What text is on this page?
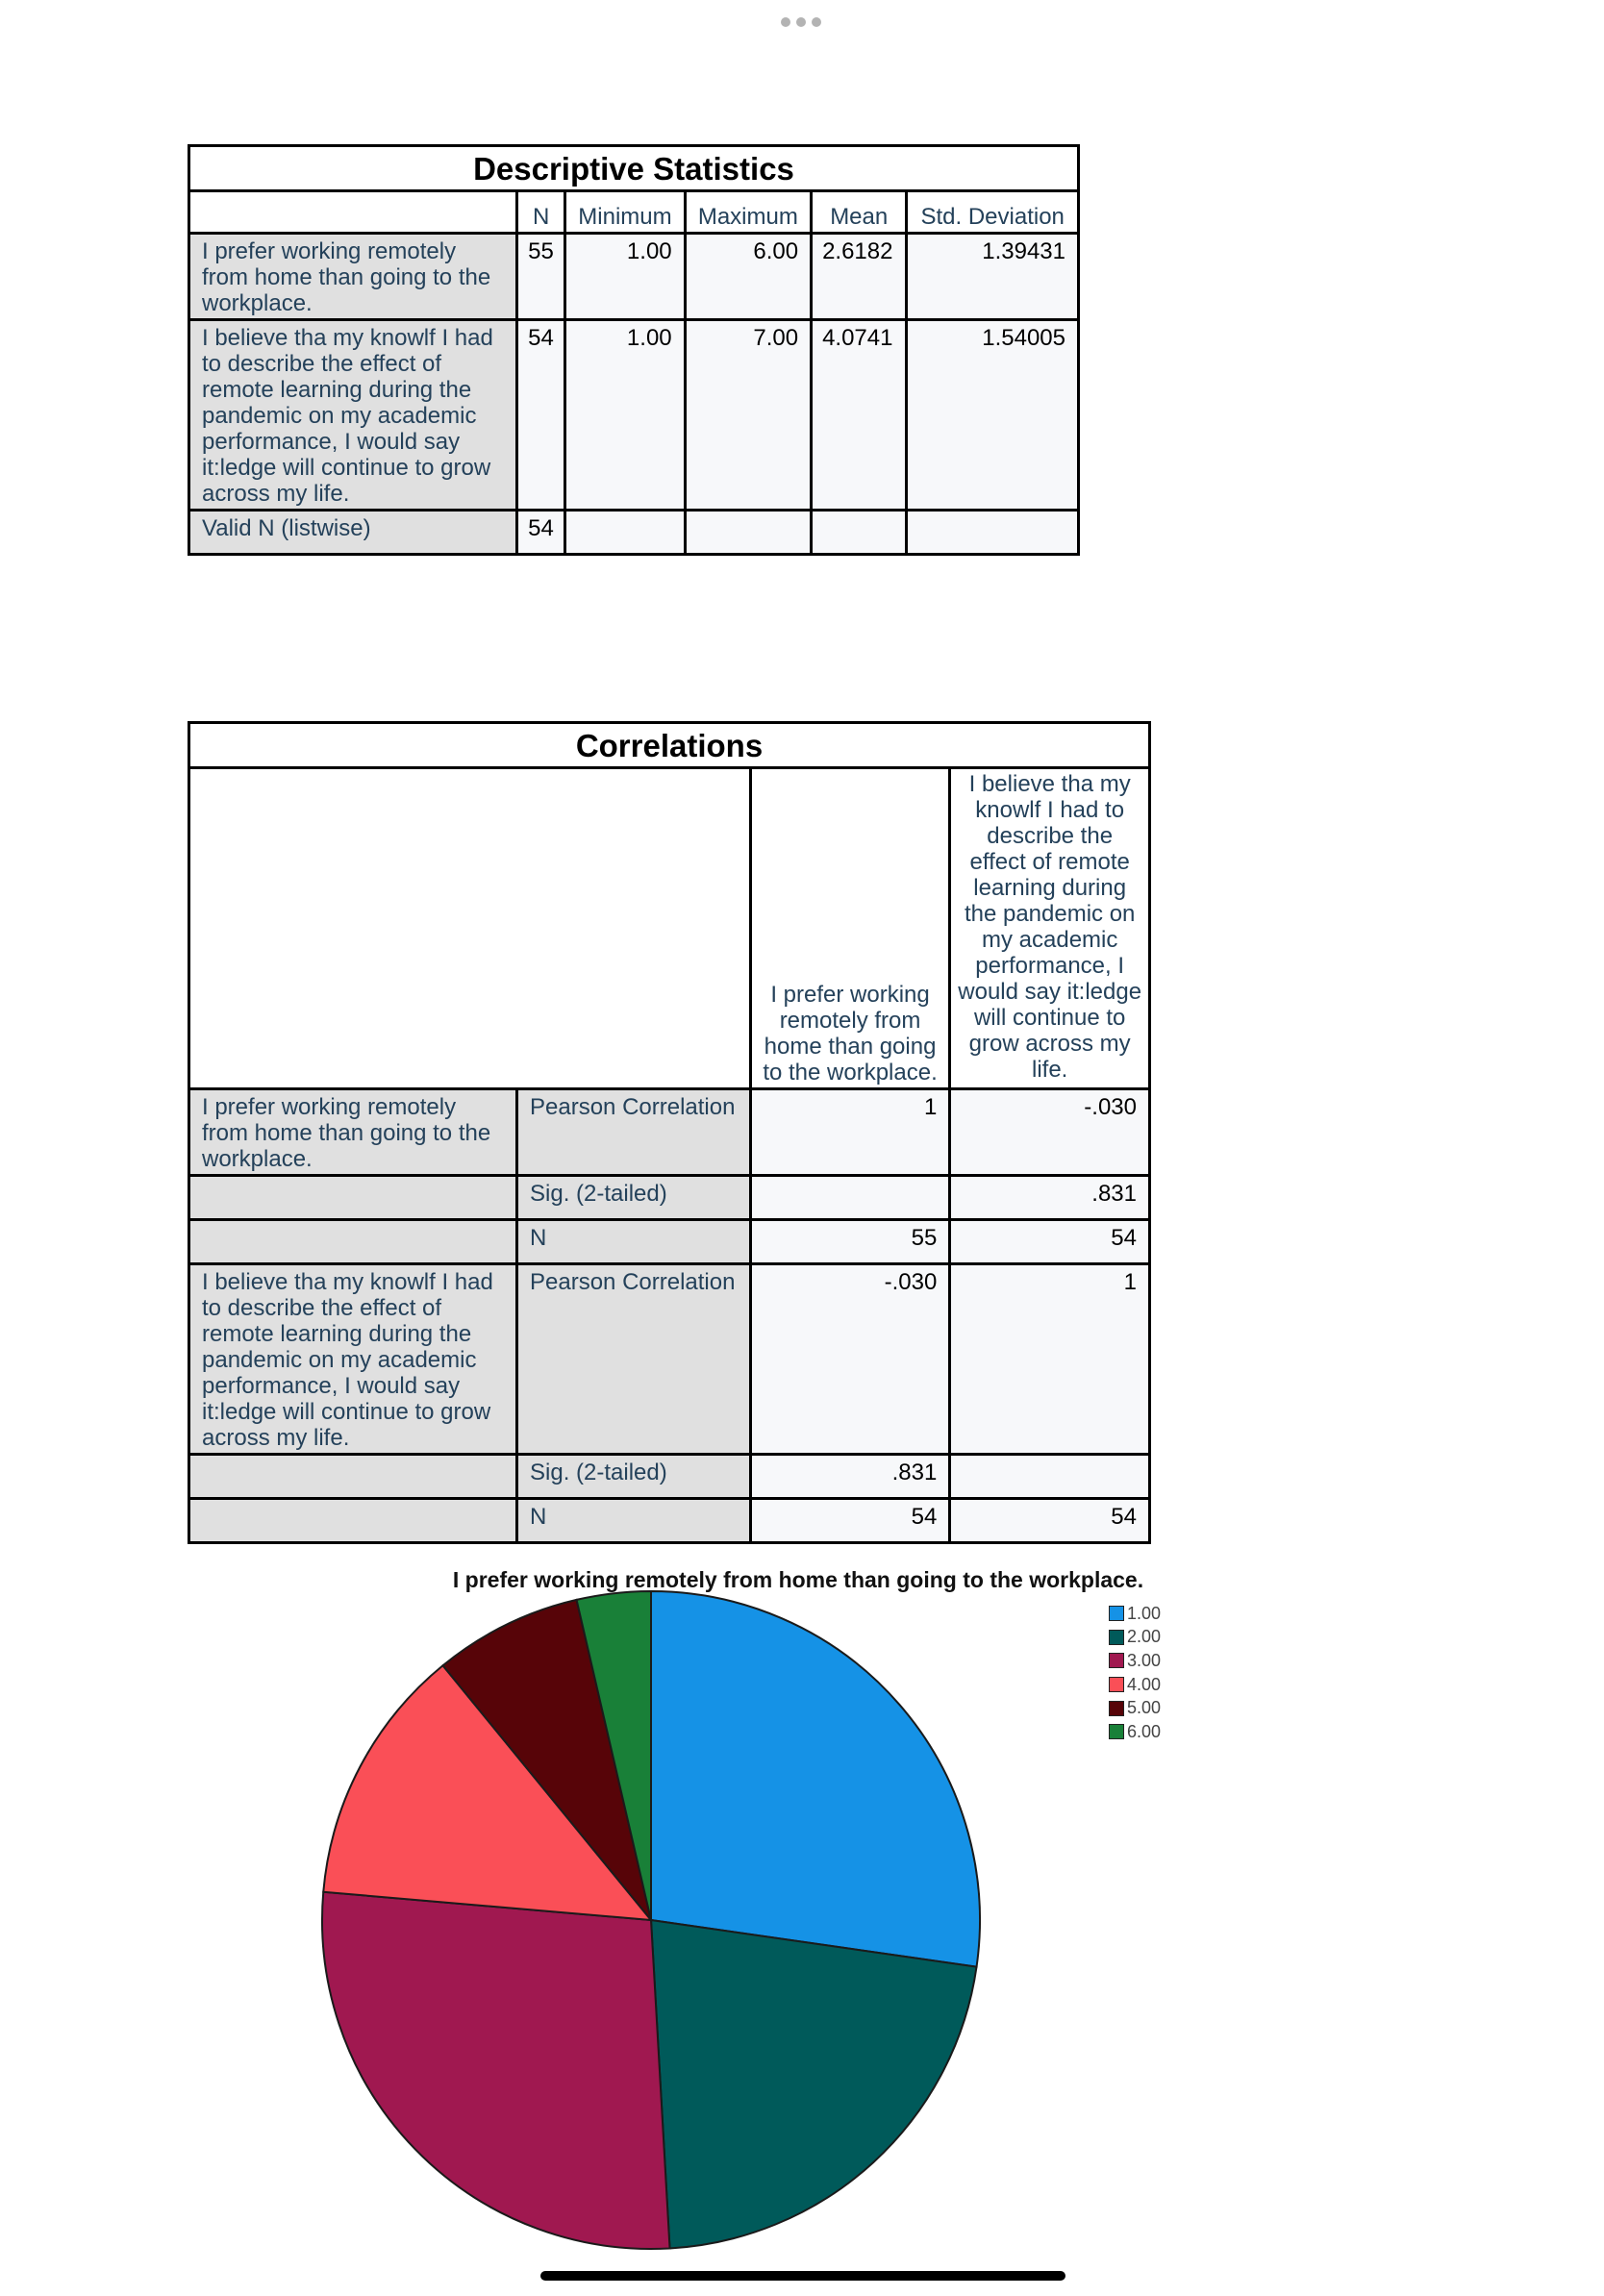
Descriptive Statistics
	N	Minimum	Maximum	Mean	Std. Deviation
I prefer working remotely from home than going to the workplace.	55	1.00	6.00	2.6182	1.39431
I believe tha my knowlf I had to describe the effect of remote learning during the pandemic on my academic performance, I would say it:ledge will continue to grow across my life.	54	1.00	7.00	4.0741	1.54005
Valid N (listwise)	54				
Correlations
		I prefer working remotely from home than going to the workplace.	I believe tha my knowlf I had to describe the effect of remote learning during the pandemic on my academic performance, I would say it:ledge will continue to grow across my life.
I prefer working remotely from home than going to the workplace.	Pearson Correlation	1	-.030
	Sig. (2-tailed)		.831
	N	55	54
I believe tha my knowlf I had to describe the effect of remote learning during the pandemic on my academic performance, I would say it:ledge will continue to grow across my life.	Pearson Correlation	-.030	1
	Sig. (2-tailed)	.831	
	N	54	54
I prefer working remotely from home than going to the workplace.
1.00
2.00
3.00
4.00
5.00
6.00
